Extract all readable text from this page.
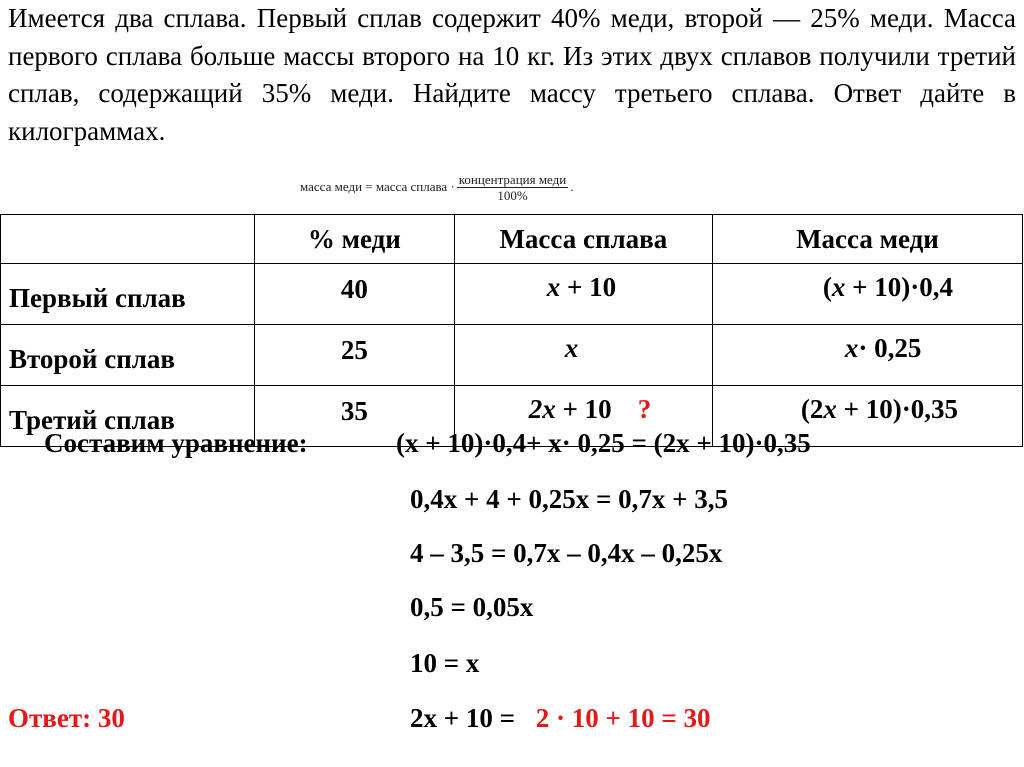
Имеется два сплава. Первый сплав содержит 40% меди, второй — 25% меди. Масса первого сплава больше массы второго на 10 кг. Из этих двух сплавов получили третий сплав, содержащий 35% меди. Найдите массу третьего сплава. Ответ дайте в килограммах.
масса меди = масса сплава · $\frac{\text{концентрация меди}}{100\%}$ .
	% меди	Масса сплава	Масса меди
Первый сплав	40	x + 10	(x + 10)·0,4
Второй сплав	25	x	x· 0,25
Третий сплав	35	2x + 10 ?	(2x + 10)·0,35
Составим уравнение:	(x + 10)·0,4+ x· 0,25 = (2x + 10)·0,35
0,4x + 4 + 0,25x = 0,7x + 3,5
4 – 3,5 = 0,7x – 0,4x – 0,25x
0,5 = 0,05x
10 = x
2x + 10 = 2 · 10 + 10 = 30
Ответ: 30
